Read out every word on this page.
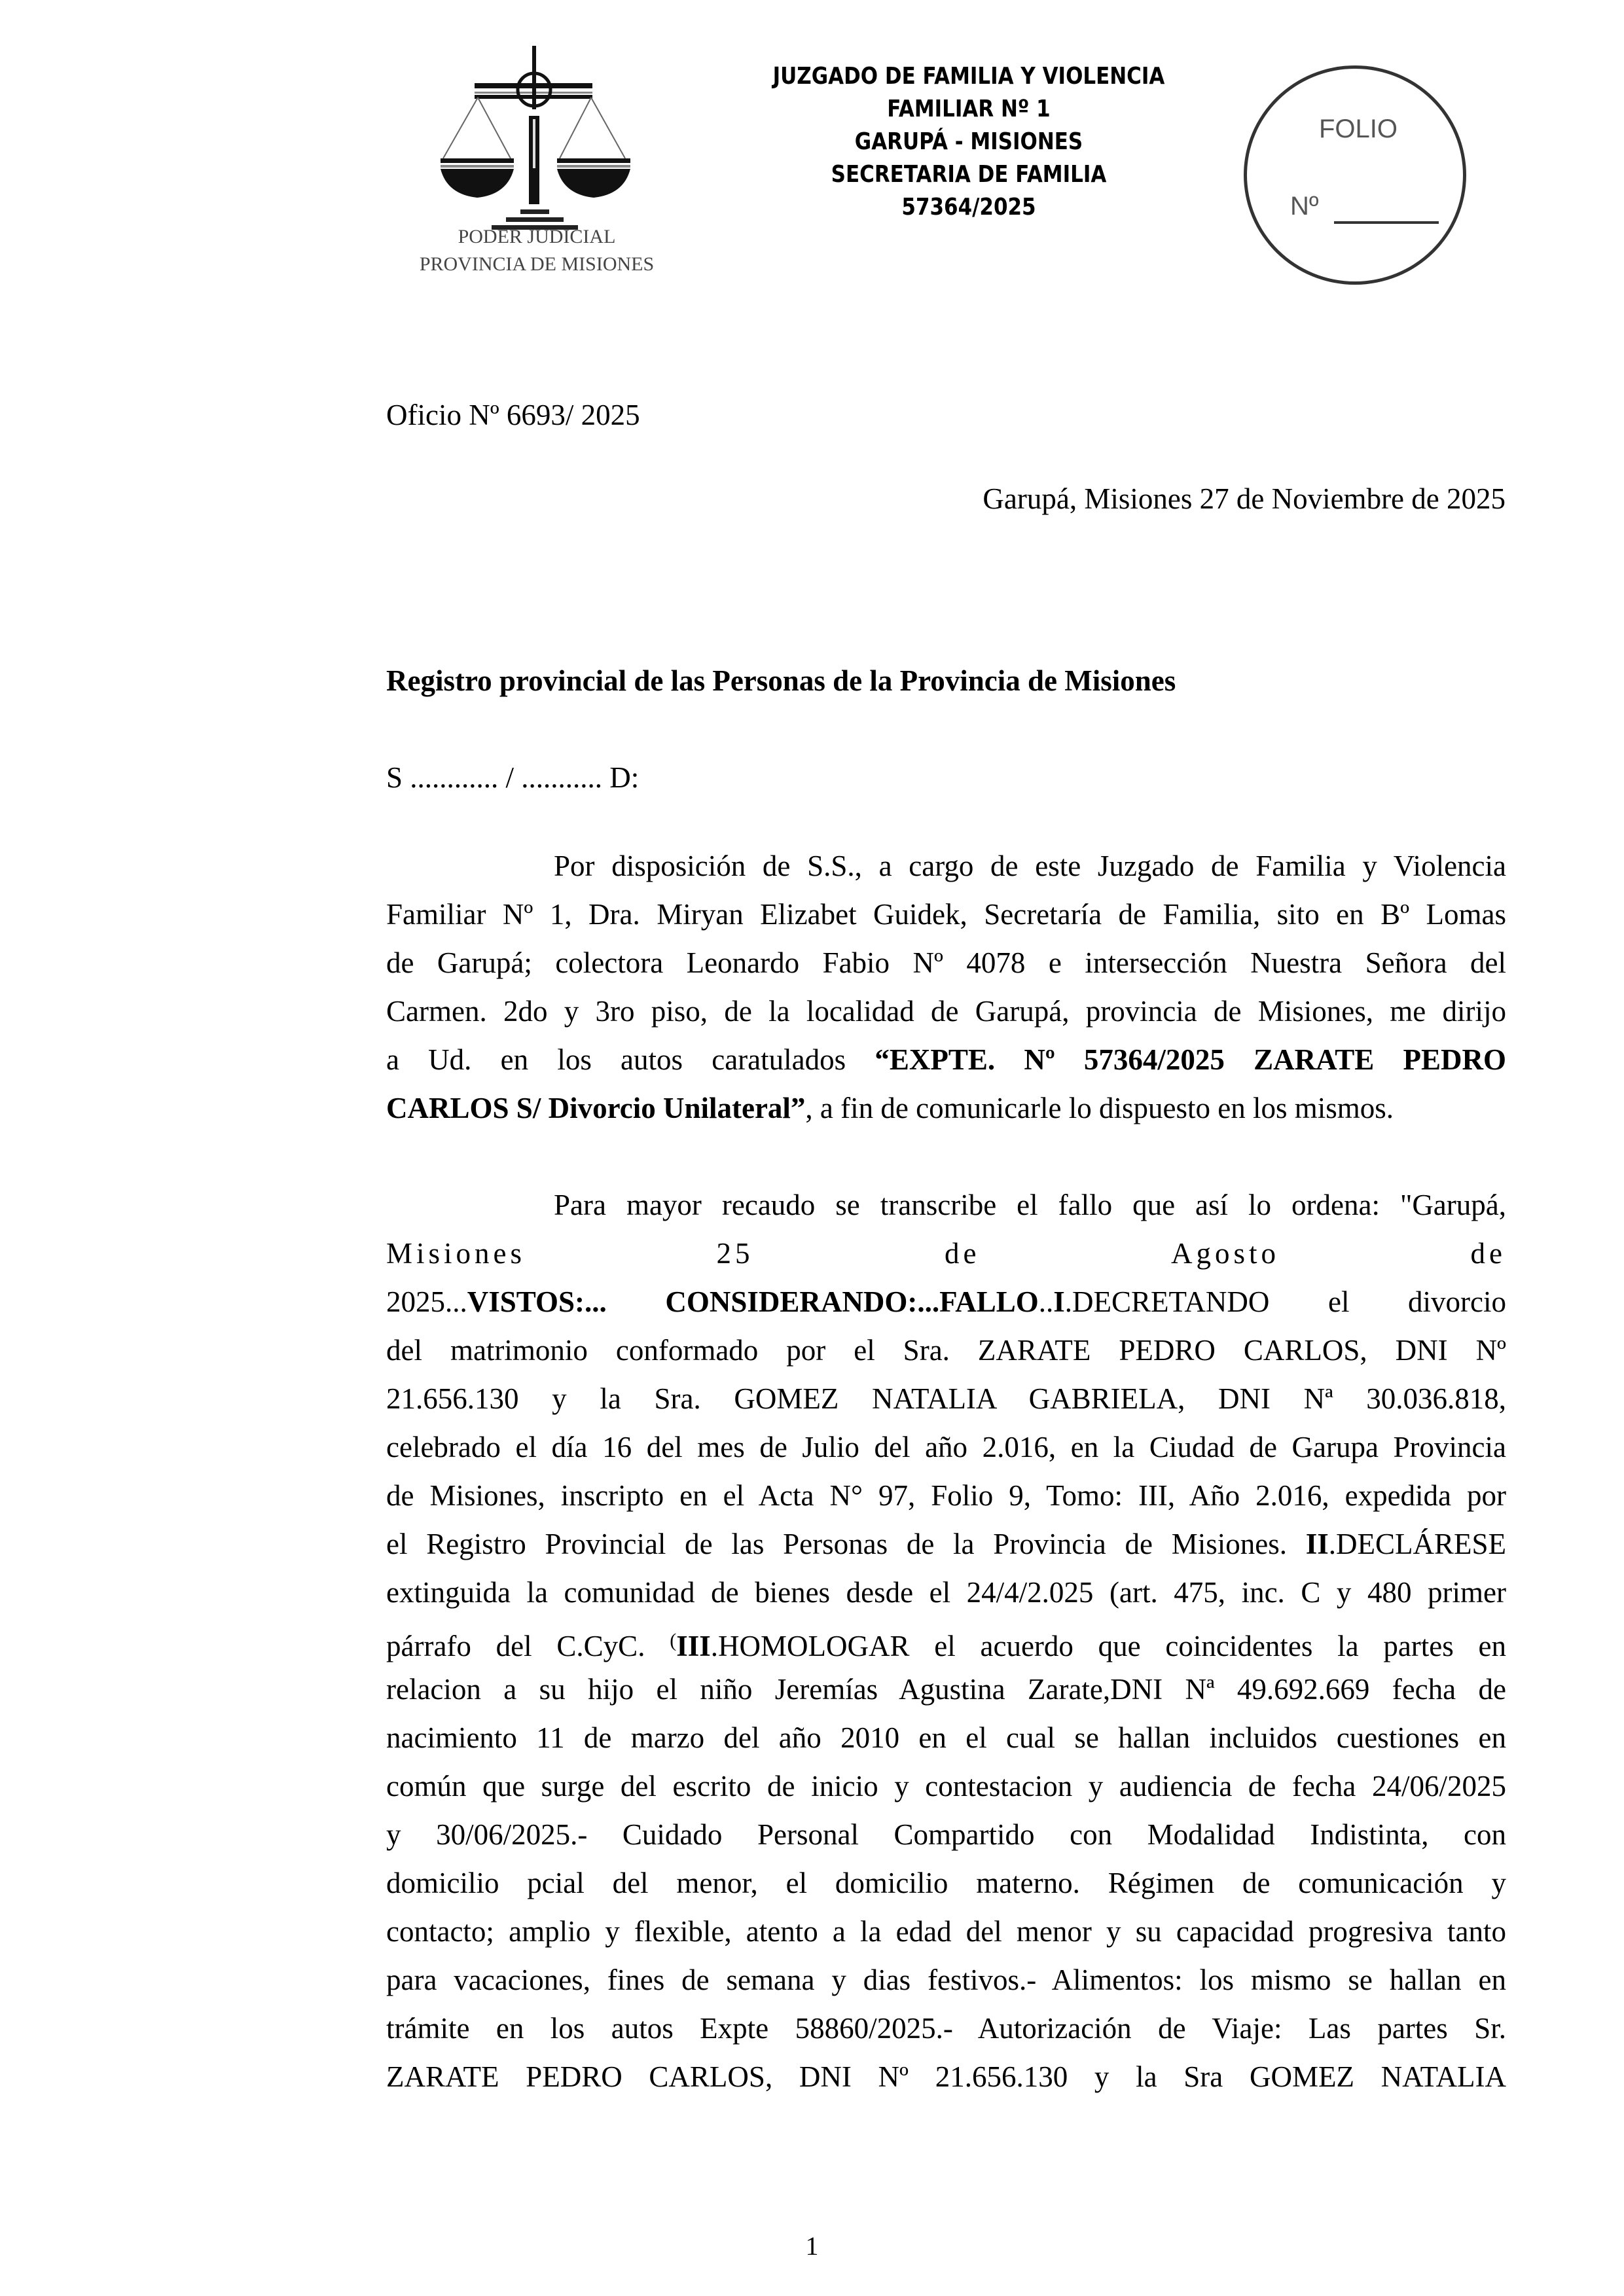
PODER JUDICIAL
PROVINCIA DE MISIONES
JUZGADO DE FAMILIA Y VIOLENCIA
FAMILIAR Nº 1
GARUPÁ - MISIONES
SECRETARIA DE FAMILIA
57364/2025
FOLIO
Nº
Oficio Nº 6693/ 2025
Garupá, Misiones 27 de Noviembre de 2025
Registro provincial de las Personas de la Provincia de Misiones
S ............ / ........... D:
Por disposición de S.S., a cargo de este Juzgado de Familia y Violencia
Familiar Nº 1, Dra. Miryan Elizabet Guidek, Secretaría de Familia, sito en Bº Lomas
de Garupá; colectora Leonardo Fabio Nº 4078 e intersección Nuestra Señora del
Carmen. 2do y 3ro piso, de la localidad de Garupá, provincia de Misiones, me dirijo
a Ud. en los autos caratulados “EXPTE. Nº 57364/2025 ZARATE PEDRO
CARLOS S/ Divorcio Unilateral”, a fin de comunicarle lo dispuesto en los mismos.
Para mayor recaudo se transcribe el fallo que así lo ordena: "Garupá,
Misiones	25	de	Agosto	de
2025...VISTOS:... CONSIDERANDO:...FALLO..I.DECRETANDO el divorcio
del matrimonio conformado por el Sra. ZARATE PEDRO CARLOS, DNI Nº
21.656.130 y la Sra. GOMEZ NATALIA GABRIELA, DNI Nª 30.036.818,
celebrado el día 16 del mes de Julio del año 2.016, en la Ciudad de Garupa Provincia
de Misiones, inscripto en el Acta N° 97, Folio 9, Tomo: III, Año 2.016, expedida por
el Registro Provincial de las Personas de la Provincia de Misiones. II.DECLÁRESE
extinguida la comunidad de bienes desde el 24/4/2.025 (art. 475, inc. C y 480 primer
párrafo del C.CyC. (III.HOMOLOGAR el acuerdo que coincidentes la partes en
relacion a su hijo el niño Jeremías Agustina Zarate,DNI Nª 49.692.669 fecha de
nacimiento 11 de marzo del año 2010 en el cual se hallan incluidos cuestiones en
común que surge del escrito de inicio y contestacion y audiencia de fecha 24/06/2025
y 30/06/2025.- Cuidado Personal Compartido con Modalidad Indistinta, con
domicilio pcial del menor, el domicilio materno. Régimen de comunicación y
contacto; amplio y flexible, atento a la edad del menor y su capacidad progresiva tanto
para vacaciones, fines de semana y dias festivos.- Alimentos: los mismo se hallan en
trámite en los autos Expte 58860/2025.- Autorización de Viaje: Las partes Sr.
ZARATE PEDRO CARLOS, DNI Nº 21.656.130 y la Sra GOMEZ NATALIA
1
